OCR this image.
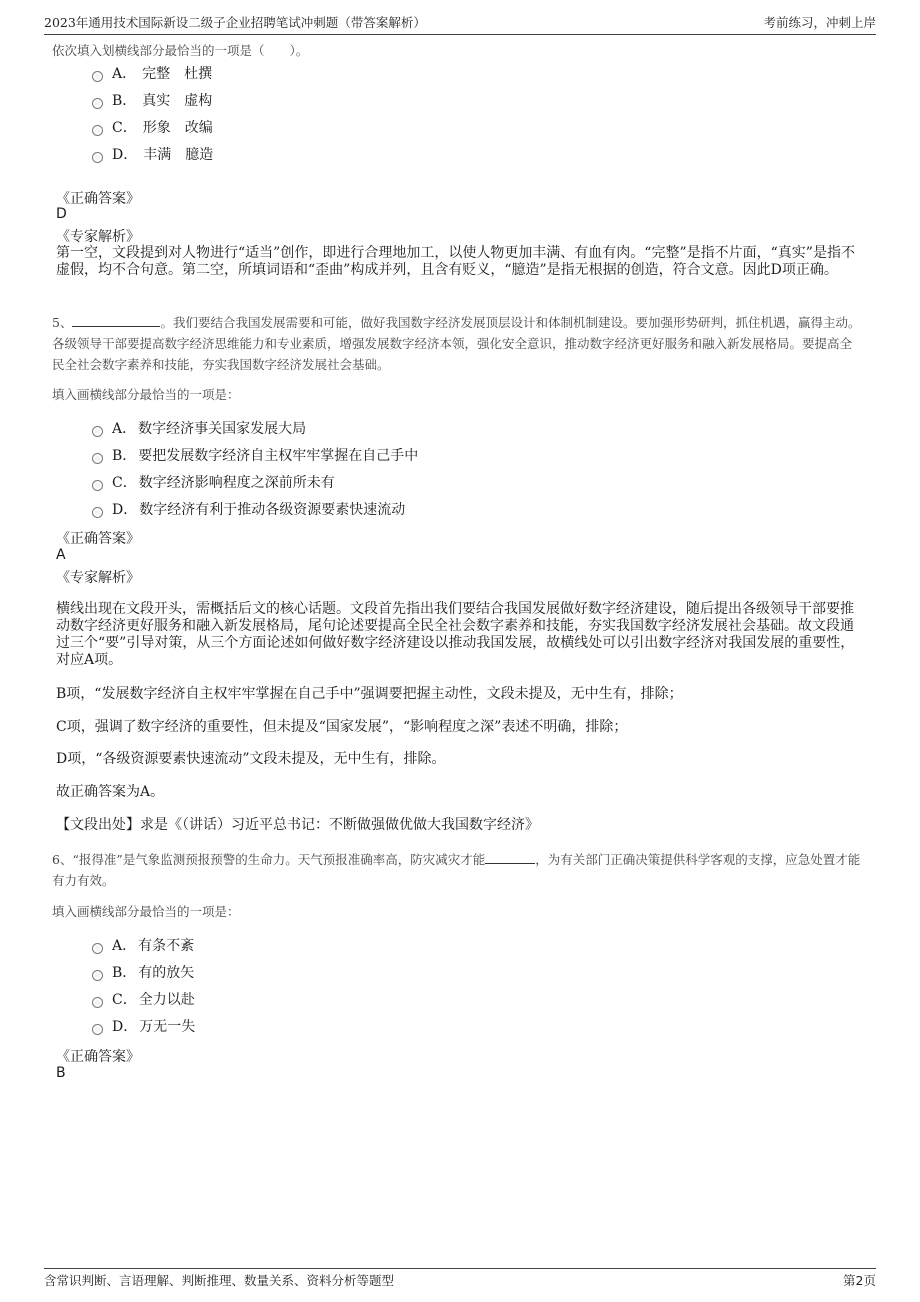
2023年通用技术国际新设二级子企业招聘笔试冲刺题（带答案解析）	考前练习，冲刺上岸
依次填入划横线部分最恰当的一项是（　　）。
A． 完整　杜撰
B． 真实　虚构
C． 形象　改编
D． 丰满　臆造
《正确答案》
D
《专家解析》
第一空，文段提到对人物进行“适当”创作，即进行合理地加工，以使人物更加丰满、有血有肉。“完整”是指不片面，“真实”是指不虚假，均不合句意。第二空，所填词语和“歪曲”构成并列，且含有贬义，“臆造”是指无根据的创造，符合文意。因此D项正确。
5、	。我们要结合我国发展需要和可能，做好我国数字经济发展顶层设计和体制机制建设。要加强形势研判，抓住机遇，赢得主动。各级领导干部要提高数字经济思维能力和专业素质，增强发展数字经济本领，强化安全意识，推动数字经济更好服务和融入新发展格局。要提高全民全社会数字素养和技能，夯实我国数字经济发展社会基础。
填入画横线部分最恰当的一项是：
A． 数字经济事关国家发展大局
B． 要把发展数字经济自主权牢牢掌握在自己手中
C． 数字经济影响程度之深前所未有
D． 数字经济有利于推动各级资源要素快速流动
《正确答案》
A
《专家解析》
横线出现在文段开头，需概括后文的核心话题。文段首先指出我们要结合我国发展做好数字经济建设，随后提出各级领导干部要推动数字经济更好服务和融入新发展格局，尾句论述要提高全民全社会数字素养和技能，夯实我国数字经济发展社会基础。故文段通过三个“要”引导对策，从三个方面论述如何做好数字经济建设以推动我国发展，故横线处可以引出数字经济对我国发展的重要性，对应A项。
B项，“发展数字经济自主权牢牢掌握在自己手中”强调要把握主动性，文段未提及，无中生有，排除；
C项，强调了数字经济的重要性，但未提及“国家发展”，“影响程度之深”表述不明确，排除；
D项，“各级资源要素快速流动”文段未提及，无中生有，排除。
故正确答案为A。
【文段出处】求是《（讲话）习近平总书记：不断做强做优做大我国数字经济》
6、“报得准”是气象监测预报预警的生命力。天气预报准确率高，防灾减灾才能	，为有关部门正确决策提供科学客观的支撑，应急处置才能有力有效。
填入画横线部分最恰当的一项是：
A． 有条不紊
B． 有的放矢
C． 全力以赴
D． 万无一失
《正确答案》
B
含常识判断、言语理解、判断推理、数量关系、资料分析等题型	第2页
